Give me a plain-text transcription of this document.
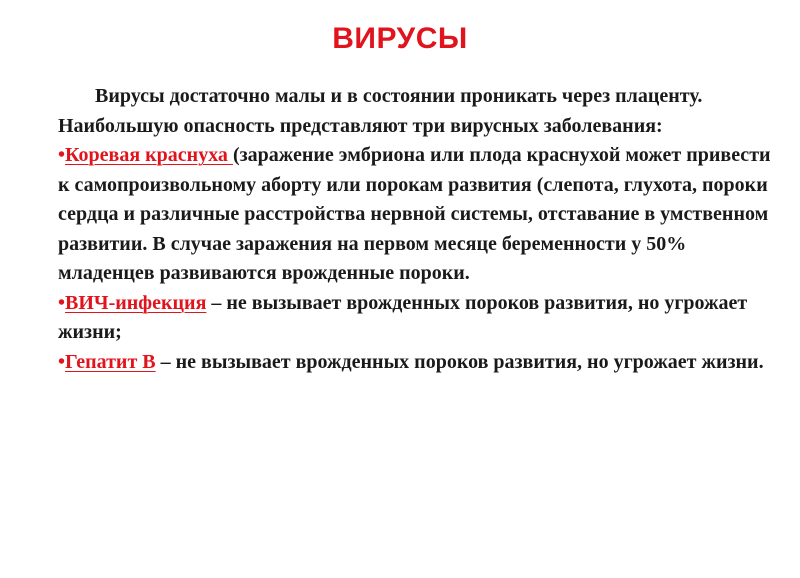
ВИРУСЫ

Вирусы достаточно малы и в состоянии проникать через плаценту. Наибольшую опасность представляют три вирусных заболевания:

•Коревая краснуха (заражение эмбриона или плода краснухой может привести к самопроизвольному аборту или порокам развития (слепота, глухота, пороки сердца и различные расстройства нервной системы, отставание в умственном развитии. В случае заражения на первом месяце беременности у 50% младенцев развиваются врожденные пороки.

•ВИЧ-инфекция – не вызывает врожденных пороков развития, но угрожает жизни;

•Гепатит В – не вызывает врожденных пороков развития, но угрожает жизни.
